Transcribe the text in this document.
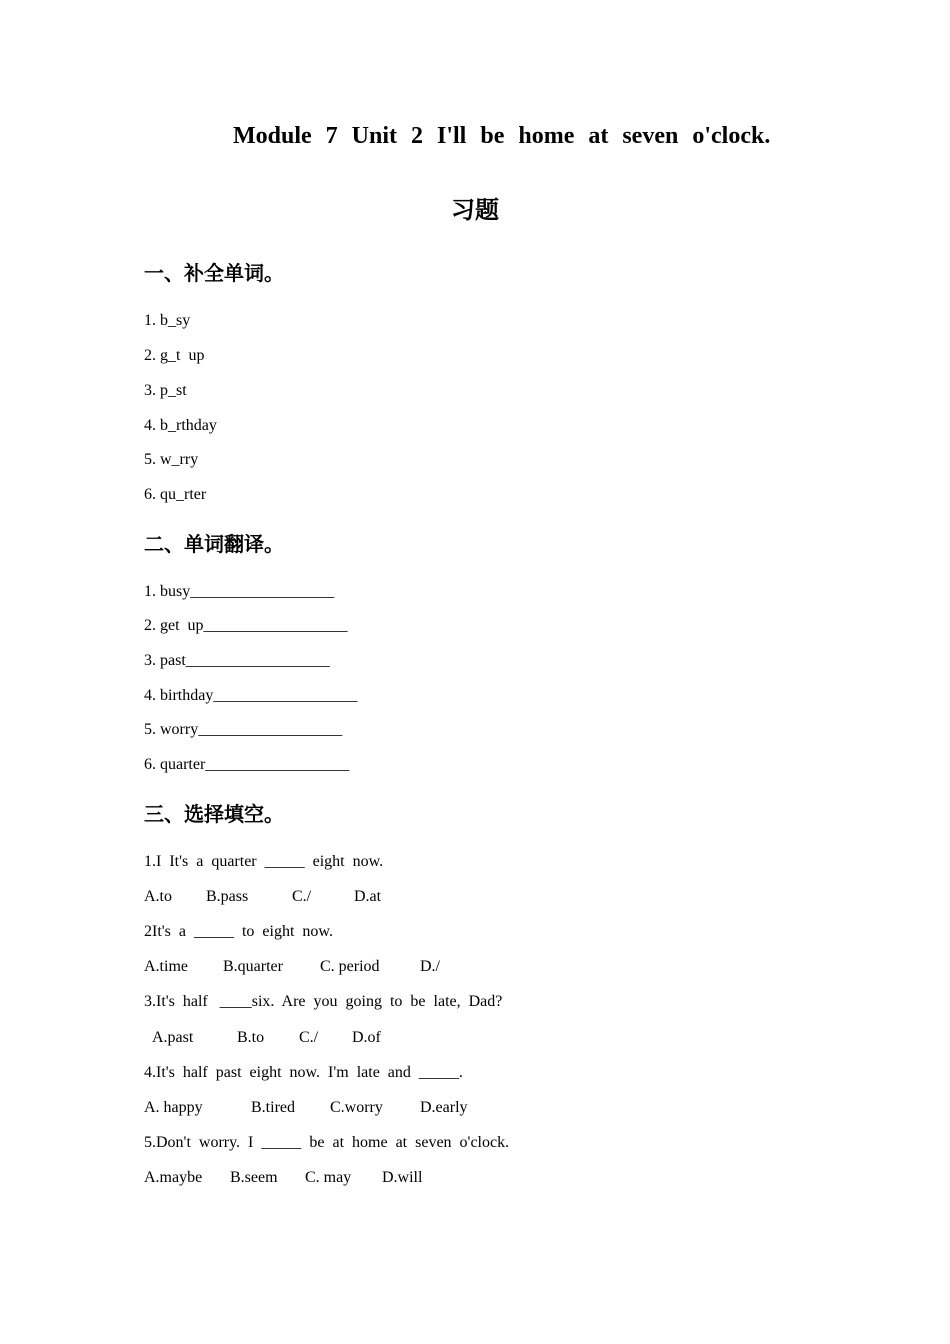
Module 7 Unit 2 I'll be home at seven o'clock.
习题
一、补全单词。

1. b_sy

2. g_t  up

3. p_st

4. b_rthday

5. w_rry

6. qu_rter

二、单词翻译。

1. busy__________________

2. get  up__________________

3. past__________________

4. birthday__________________

5. worry__________________

6. quarter__________________

三、选择填空。

1.I  It's  a  quarter  _____  eight  now.

A.to B.pass	C./	D.at

2It's  a  _____  to  eight  now.

A.time B.quarter C. period	D./

3.It's  half   ____six.  Are  you  going  to  be  late,  Dad?

A.past	B.to C./ D.of

4.It's  half  past  eight  now.  I'm  late  and  _____.

A. happy	B.tired C.worry D.early

5.Don't  worry.  I  _____  be  at  home  at  seven  o'clock.

A.maybe B.seem C. may D.will
